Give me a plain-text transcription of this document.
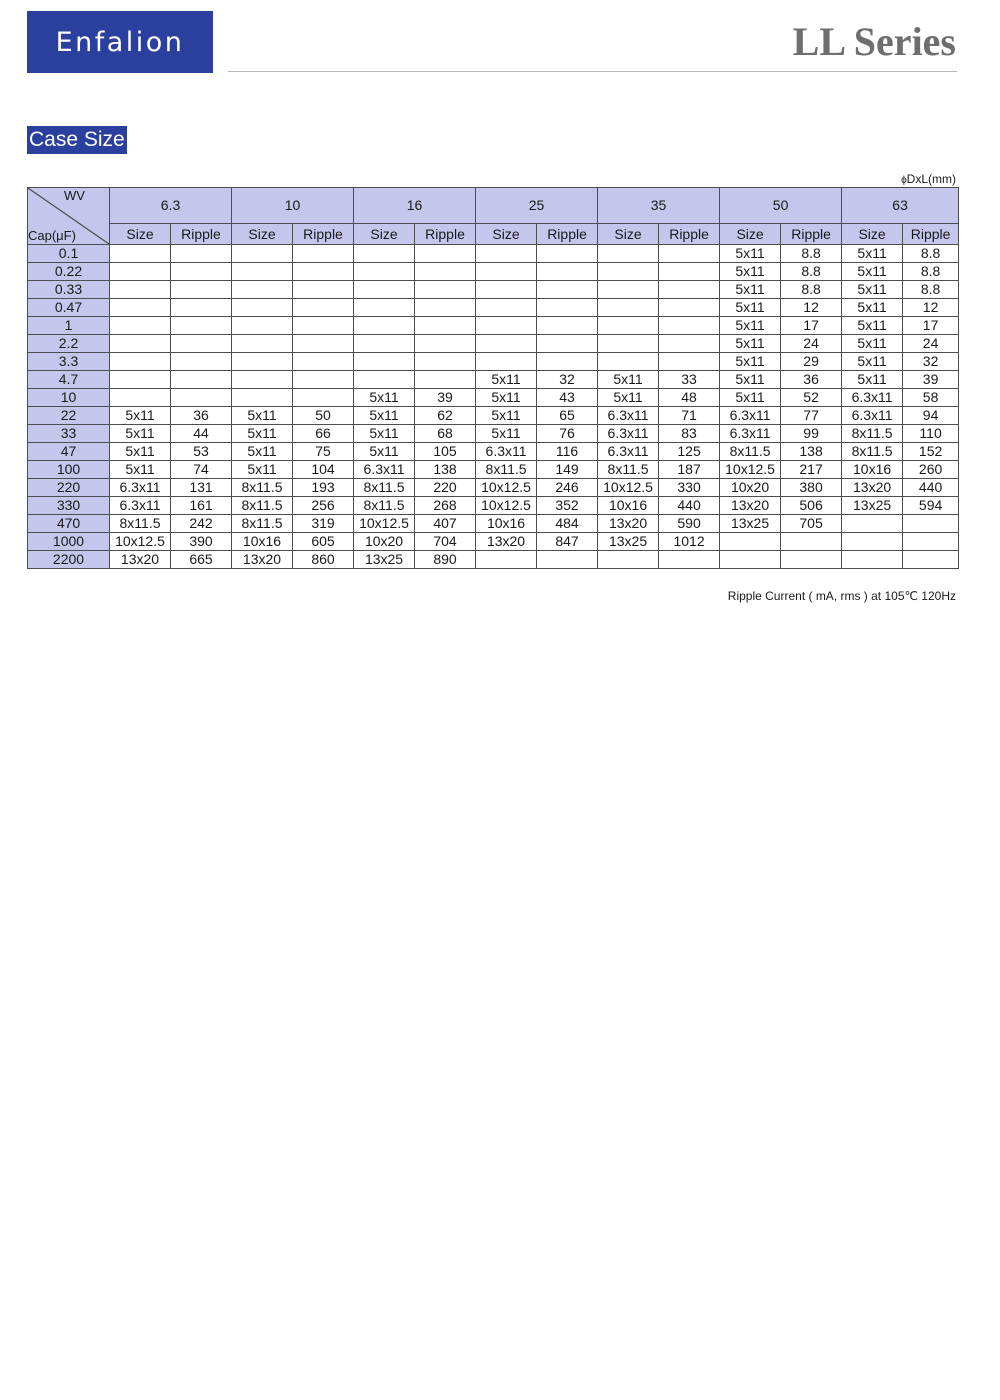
Enfalion	LL Series
Case Size
ϕDxL(mm)
WV
Cap(μF)	6.3		10		16		25		35		50		63	
	Size	Ripple	Size	Ripple	Size	Ripple	Size	Ripple	Size	Ripple	Size	Ripple	Size	Ripple
0.1											5x11	8.8	5x11	8.8
0.22											5x11	8.8	5x11	8.8
0.33											5x11	8.8	5x11	8.8
0.47											5x11	12	5x11	12
1											5x11	17	5x11	17
2.2											5x11	24	5x11	24
3.3											5x11	29	5x11	32
4.7							5x11	32	5x11	33	5x11	36	5x11	39
10					5x11	39	5x11	43	5x11	48	5x11	52	6.3x11	58
22	5x11	36	5x11	50	5x11	62	5x11	65	6.3x11	71	6.3x11	77	6.3x11	94
33	5x11	44	5x11	66	5x11	68	5x11	76	6.3x11	83	6.3x11	99	8x11.5	110
47	5x11	53	5x11	75	5x11	105	6.3x11	116	6.3x11	125	8x11.5	138	8x11.5	152
100	5x11	74	5x11	104	6.3x11	138	8x11.5	149	8x11.5	187	10x12.5	217	10x16	260
220	6.3x11	131	8x11.5	193	8x11.5	220	10x12.5	246	10x12.5	330	10x20	380	13x20	440
330	6.3x11	161	8x11.5	256	8x11.5	268	10x12.5	352	10x16	440	13x20	506	13x25	594
470	8x11.5	242	8x11.5	319	10x12.5	407	10x16	484	13x20	590	13x25	705		
1000	10x12.5	390	10x16	605	10x20	704	13x20	847	13x25	1012				
2200	13x20	665	13x20	860	13x25	890								
Ripple Current ( mA, rms ) at 105℃ 120Hz
